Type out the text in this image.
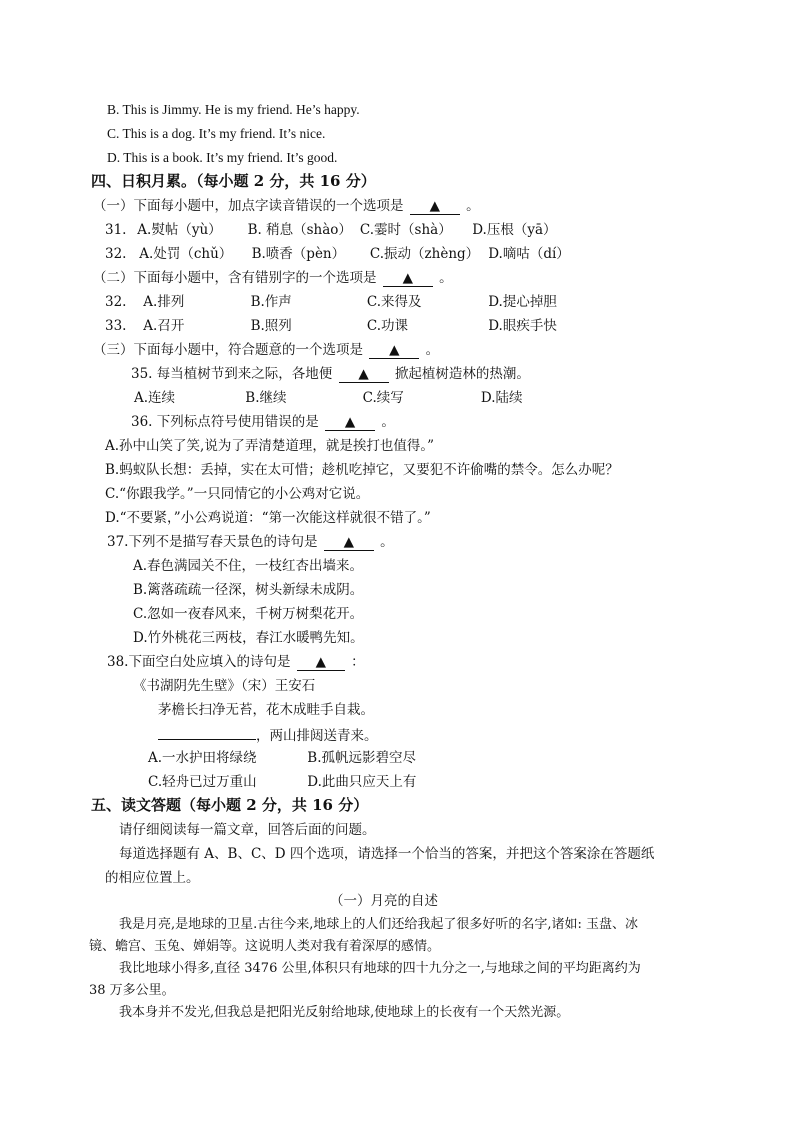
B. This is Jimmy. He is my friend. He’s happy.
C. This is a dog. It’s my friend. It’s nice.
D. This is a book. It’s my friend. It’s good.
四、日积月累。（每小题 2 分，共 16 分）
（一）下面每小题中，加点字读音错误的一个选项是 ▲ 。
31. A.熨帖（yù） B. 稍息（shào） C.霎时（shà） D.压根（yā）
32. A.处罚（chǔ） B.喷香（pèn） C.振动（zhèng） D.嘀咕（dí）
（二）下面每小题中，含有错别字的一个选项是 ▲ 。
32. A.排列	B.作声	C.来得及	D.提心掉胆
33. A.召开	B.照列	C.功课	D.眼疾手快
（三）下面每小题中，符合题意的一个选项是 ▲ 。
35. 每当植树节到来之际，各地便 ▲ 掀起植树造林的热潮。
A.连续	B.继续	C.续写	D.陆续
36. 下列标点符号使用错误的是 ▲ 。
A.孙中山笑了笑,说为了弄清楚道理，就是挨打也值得。”
B.蚂蚁队长想：丢掉，实在太可惜；趁机吃掉它，又要犯不许偷嘴的禁令。怎么办呢？
C.“你跟我学。”一只同情它的小公鸡对它说。
D.“不要紧，”小公鸡说道：“第一次能这样就很不错了。”
37.下列不是描写春天景色的诗句是 ▲ 。
A.春色满园关不住，一枝红杏出墙来。
B.篱落疏疏一径深，树头新绿未成阴。
C.忽如一夜春风来，千树万树梨花开。
D.竹外桃花三两枝，春江水暖鸭先知。
38.下面空白处应填入的诗句是 ▲ ：
《书湖阴先生壁》（宋）王安石
茅檐长扫净无苔，花木成畦手自栽。
，两山排闼送青来。
A.一水护田将绿绕	B.孤帆远影碧空尽
C.轻舟已过万重山	D.此曲只应天上有
五、读文答题（每小题 2 分，共 16 分）
请仔细阅读每一篇文章，回答后面的问题。
每道选择题有 A、B、C、D 四个选项，请选择一个恰当的答案，并把这个答案涂在答题纸
的相应位置上。
（一）月亮的自述
我是月亮,是地球的卫星.古往今来,地球上的人们还给我起了很多好听的名字,诸如: 玉盘、冰
镜、蟾宫、玉兔、婵娟等。这说明人类对我有着深厚的感情。
我比地球小得多,直径 3476 公里,体积只有地球的四十九分之一,与地球之间的平均距离约为
38 万多公里。
我本身并不发光,但我总是把阳光反射给地球,使地球上的长夜有一个天然光源。
